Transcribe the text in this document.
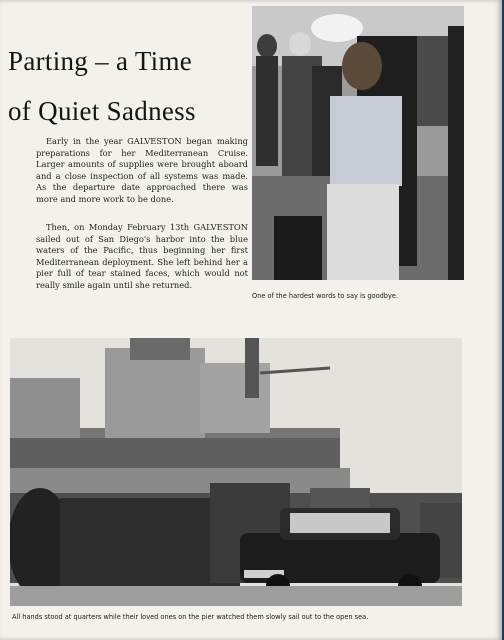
Parting – a Time
of Quiet Sadness
Early in the year GALVESTON began making preparations for her Mediterranean Cruise. Larger amounts of supplies were brought aboard and a close inspection of all systems was made. As the departure date approached there was more and more work to be done.
Then, on Monday February 13th GALVESTON sailed out of San Diego's harbor into the blue waters of the Pacific, thus beginning her first Mediterranean deployment. She left behind her a pier full of tear stained faces, which would not really smile again until she returned.
One of the hardest words to say is goodbye.
All hands stood at quarters while their loved ones on the pier watched them slowly sail out to the open sea.
